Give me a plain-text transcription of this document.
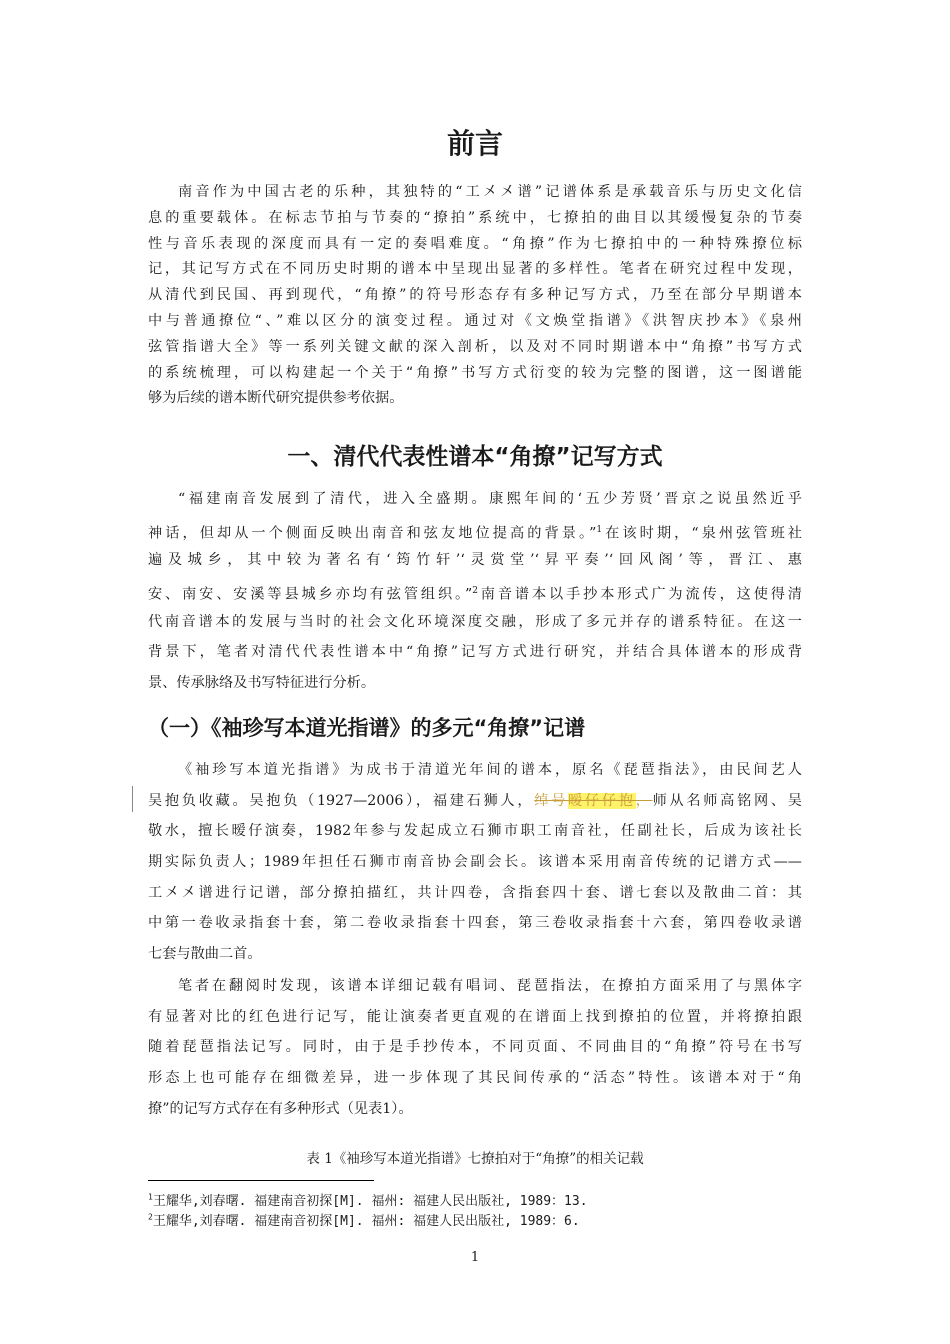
前言
南音作为中国古老的乐种，其独特的“工㐅㐅谱”记谱体系是承载音乐与历史文化信
息的重要载体。在标志节拍与节奏的“撩拍”系统中，七撩拍的曲目以其缓慢复杂的节奏
性与音乐表现的深度而具有一定的奏唱难度。“角撩”作为七撩拍中的一种特殊撩位标
记，其记写方式在不同历史时期的谱本中呈现出显著的多样性。笔者在研究过程中发现，
从清代到民国、再到现代，“角撩”的符号形态存有多种记写方式，乃至在部分早期谱本
中与普通撩位“、”难以区分的演变过程。通过对《文焕堂指谱》《洪智庆抄本》《泉州
弦管指谱大全》等一系列关键文献的深入剖析，以及对不同时期谱本中“角撩”书写方式
的系统梳理，可以构建起一个关于“角撩”书写方式衍变的较为完整的图谱，这一图谱能
够为后续的谱本断代研究提供参考依据。
一、清代代表性谱本“角撩”记写方式
“福建南音发展到了清代，进入全盛期。康熙年间的‘五少芳贤’晋京之说虽然近乎
神话，但却从一个侧面反映出南音和弦友地位提高的背景。”$^1$在该时期，“泉州弦管班社
遍及城乡，其中较为著名有‘筠竹轩’‘灵赏堂’‘昇平奏’‘回风阁’等，晋江、惠
安、南安、安溪等县城乡亦均有弦管组织。”$^2$南音谱本以手抄本形式广为流传，这使得清
代南音谱本的发展与当时的社会文化环境深度交融，形成了多元并存的谱系特征。在这一
背景下，笔者对清代代表性谱本中“角撩”记写方式进行研究，并结合具体谱本的形成背
景、传承脉络及书写特征进行分析。
（一）《袖珍写本道光指谱》的多元“角撩”记谱
《袖珍写本道光指谱》为成书于清道光年间的谱本，原名《琵琶指法》，由民间艺人
吴抱负收藏。吴抱负（1927—2006），福建石狮人，绰号暧仔仔抱，师从名师高铭网、吴
敬水，擅长暧仔演奏，1982年参与发起成立石狮市职工南音社，任副社长，后成为该社长
期实际负责人；1989年担任石狮市南音协会副会长。该谱本采用南音传统的记谱方式——
工㐅㐅谱进行记谱，部分撩拍描红，共计四卷，含指套四十套、谱七套以及散曲二首：其
中第一卷收录指套十套，第二卷收录指套十四套，第三卷收录指套十六套，第四卷收录谱
七套与散曲二首。
笔者在翻阅时发现，该谱本详细记载有唱词、琵琶指法，在撩拍方面采用了与黑体字
有显著对比的红色进行记写，能让演奏者更直观的在谱面上找到撩拍的位置，并将撩拍跟
随着琵琶指法记写。同时，由于是手抄传本，不同页面、不同曲目的“角撩”符号在书写
形态上也可能存在细微差异，进一步体现了其民间传承的“活态”特性。该谱本对于“角
撩”的记写方式存在有多种形式（见表1）。
表 1《袖珍写本道光指谱》七撩拍对于“角撩”的相关记载
$^1$王耀华,刘春曙. 福建南音初探[M]. 福州: 福建人民出版社, 1989：13.
$^2$王耀华,刘春曙. 福建南音初探[M]. 福州: 福建人民出版社, 1989：6.
1
